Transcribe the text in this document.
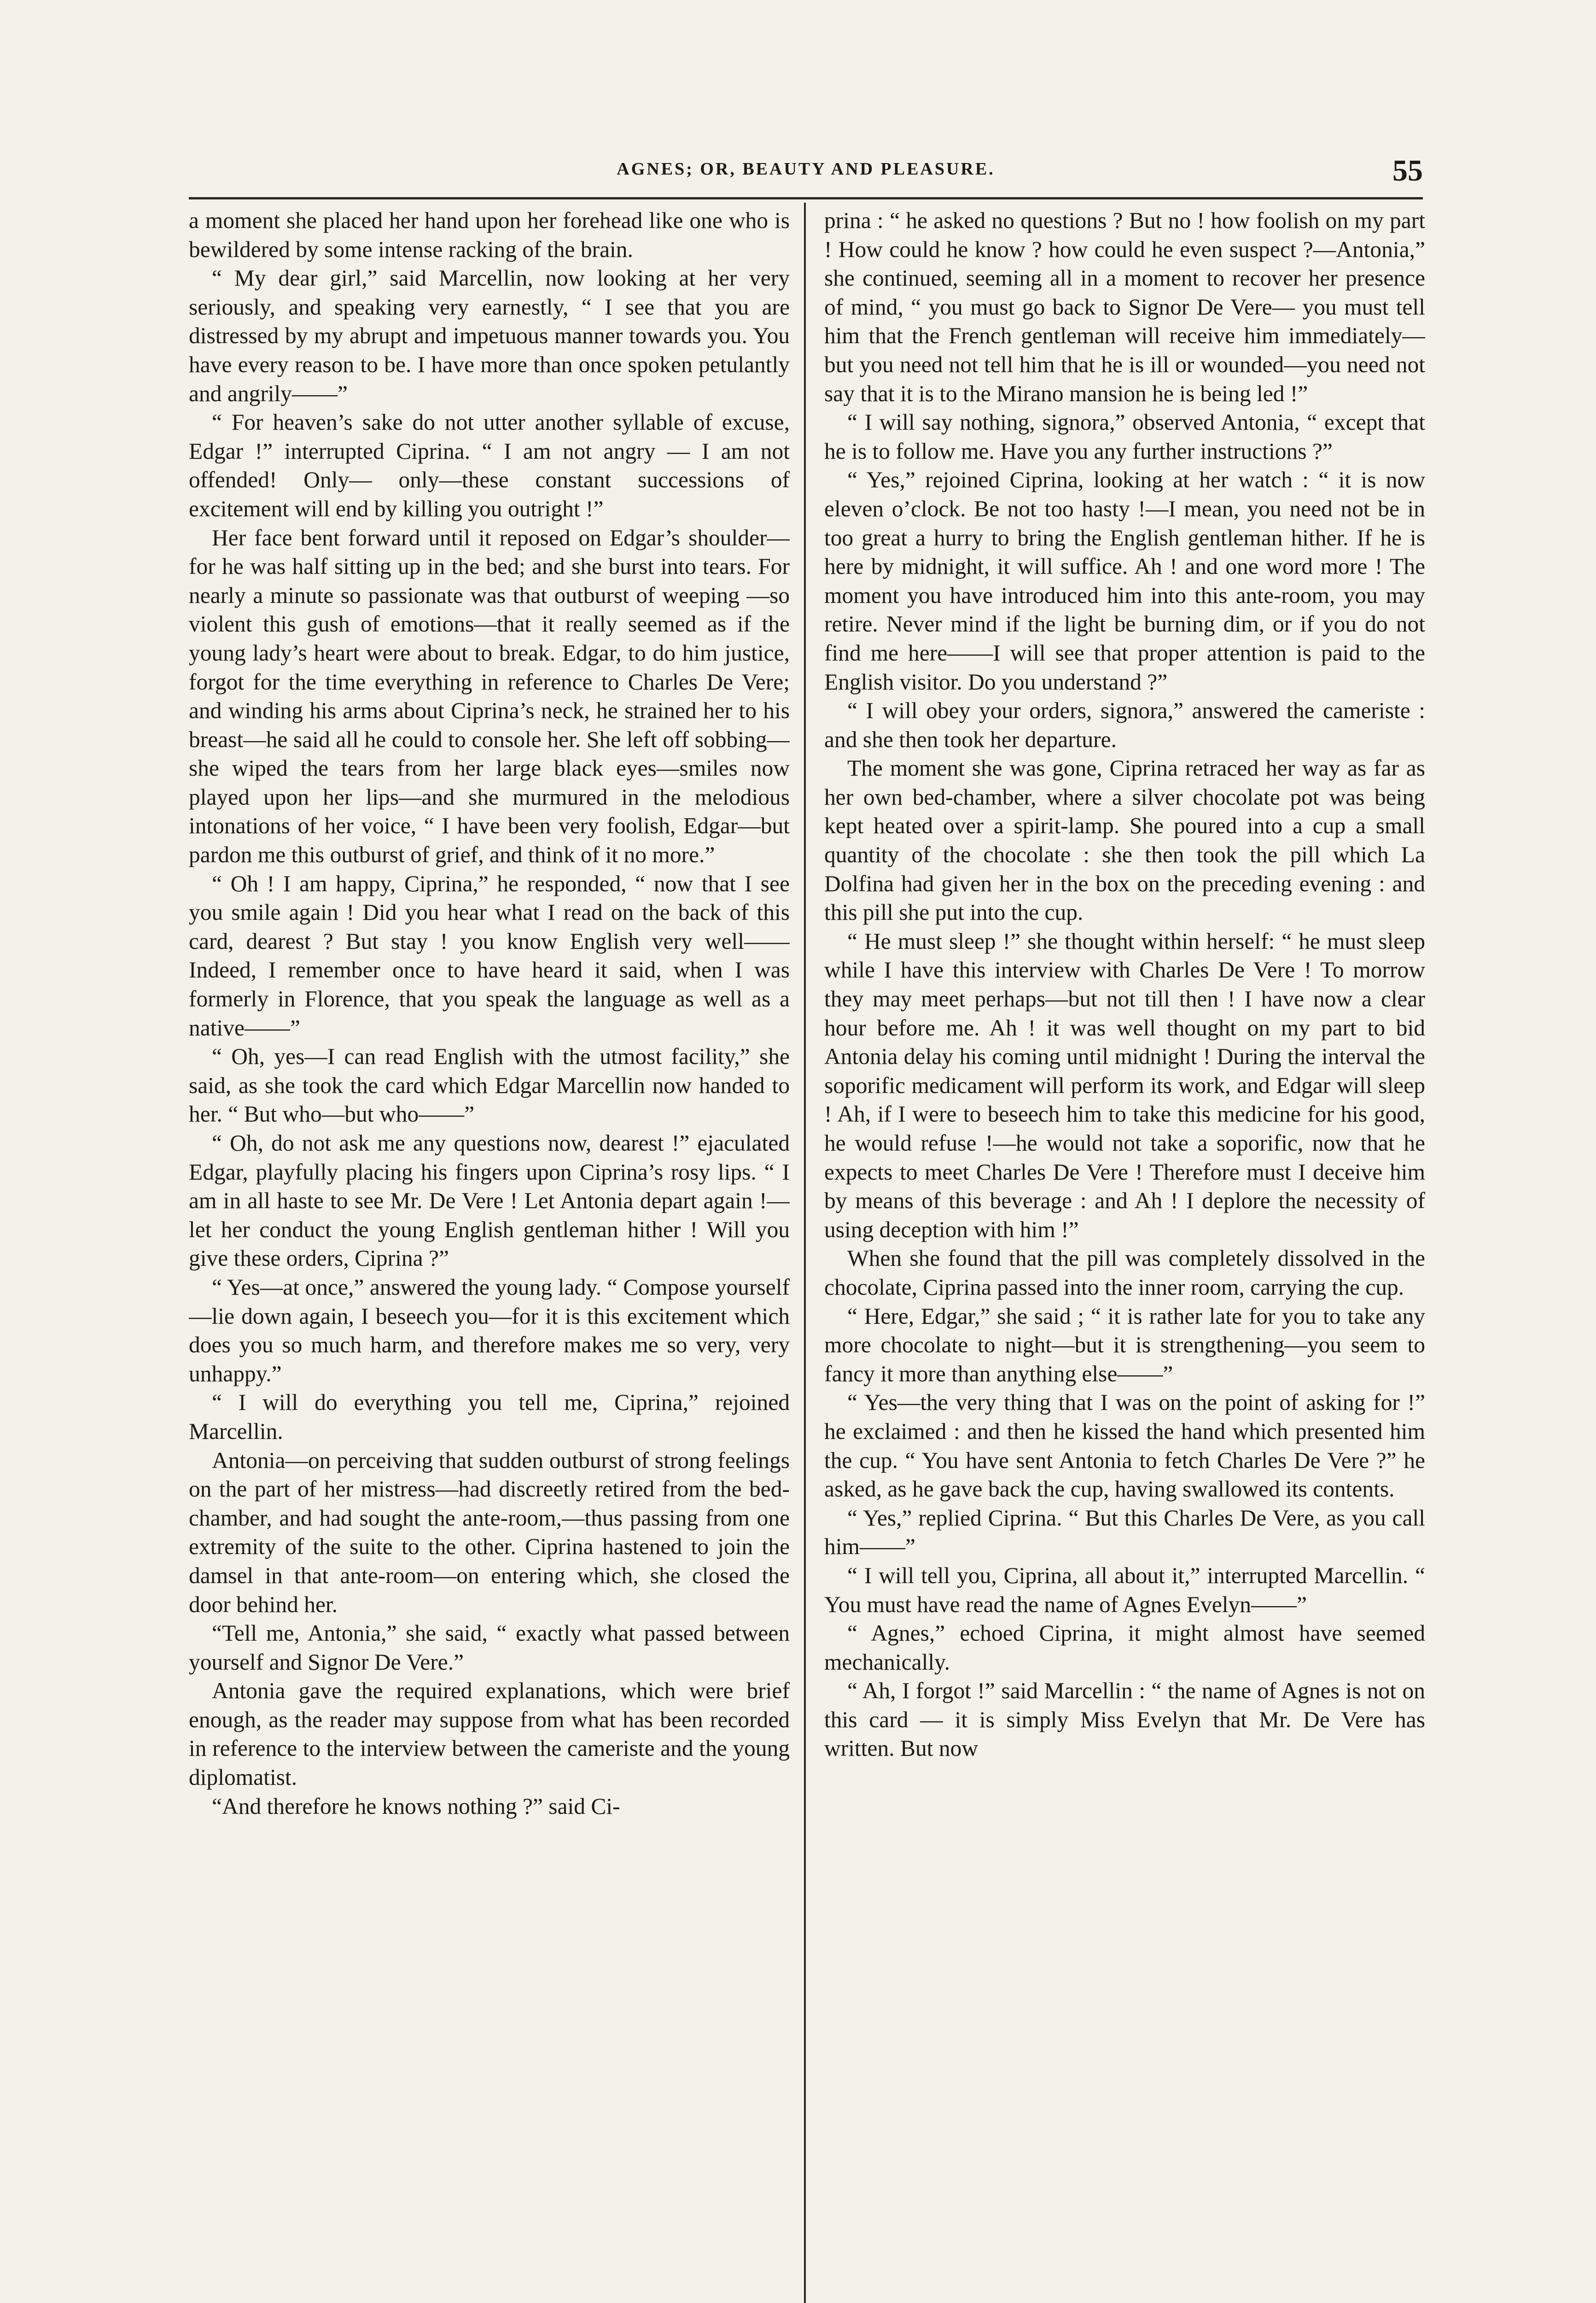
AGNES; OR, BEAUTY AND PLEASURE.	55

a moment she placed her hand upon her forehead like one who is bewildered by some intense racking of the brain.

“ My dear girl,” said Marcellin, now looking at her very seriously, and speaking very earnestly, “ I see that you are distressed by my abrupt and impetuous manner towards you. You have every reason to be. I have more than once spoken petulantly and angrily——”

“ For heaven’s sake do not utter another syllable of excuse, Edgar !” interrupted Ciprina. “ I am not angry — I am not offended! Only— only—these constant successions of excitement will end by killing you outright !”

Her face bent forward until it reposed on Edgar’s shoulder—for he was half sitting up in the bed; and she burst into tears. For nearly a minute so passionate was that outburst of weeping —so violent this gush of emotions—that it really seemed as if the young lady’s heart were about to break. Edgar, to do him justice, forgot for the time everything in reference to Charles De Vere; and winding his arms about Ciprina’s neck, he strained her to his breast—he said all he could to console her. She left off sobbing—she wiped the tears from her large black eyes—smiles now played upon her lips—and she murmured in the melodious intonations of her voice, “ I have been very foolish, Edgar—but pardon me this outburst of grief, and think of it no more.”

“ Oh ! I am happy, Ciprina,” he responded, “ now that I see you smile again ! Did you hear what I read on the back of this card, dearest ? But stay ! you know English very well——Indeed, I remember once to have heard it said, when I was formerly in Florence, that you speak the language as well as a native——”

“ Oh, yes—I can read English with the utmost facility,” she said, as she took the card which Edgar Marcellin now handed to her. “ But who—but who——”

“ Oh, do not ask me any questions now, dearest !” ejaculated Edgar, playfully placing his fingers upon Ciprina’s rosy lips. “ I am in all haste to see Mr. De Vere ! Let Antonia depart again !—let her conduct the young English gentleman hither ! Will you give these orders, Ciprina ?”

“ Yes—at once,” answered the young lady. “ Compose yourself—lie down again, I beseech you—for it is this excitement which does you so much harm, and therefore makes me so very, very unhappy.”

“ I will do everything you tell me, Ciprina,” rejoined Marcellin.

Antonia—on perceiving that sudden outburst of strong feelings on the part of her mistress—had discreetly retired from the bed-chamber, and had sought the ante-room,—thus passing from one extremity of the suite to the other. Ciprina hastened to join the damsel in that ante-room—on entering which, she closed the door behind her.

“Tell me, Antonia,” she said, “ exactly what passed between yourself and Signor De Vere.”

Antonia gave the required explanations, which were brief enough, as the reader may suppose from what has been recorded in reference to the interview between the cameriste and the young diplomatist.

“And therefore he knows nothing ?” said Ci-

prina : “ he asked no questions ? But no ! how foolish on my part ! How could he know ? how could he even suspect ?—Antonia,” she continued, seeming all in a moment to recover her presence of mind, “ you must go back to Signor De Vere— you must tell him that the French gentleman will receive him immediately—but you need not tell him that he is ill or wounded—you need not say that it is to the Mirano mansion he is being led !”

“ I will say nothing, signora,” observed Antonia, “ except that he is to follow me. Have you any further instructions ?”

“ Yes,” rejoined Ciprina, looking at her watch : “ it is now eleven o’clock. Be not too hasty !—I mean, you need not be in too great a hurry to bring the English gentleman hither. If he is here by midnight, it will suffice. Ah ! and one word more ! The moment you have introduced him into this ante-room, you may retire. Never mind if the light be burning dim, or if you do not find me here——I will see that proper attention is paid to the English visitor. Do you understand ?”

“ I will obey your orders, signora,” answered the cameriste : and she then took her departure.

The moment she was gone, Ciprina retraced her way as far as her own bed-chamber, where a silver chocolate pot was being kept heated over a spirit-lamp. She poured into a cup a small quantity of the chocolate : she then took the pill which La Dolfina had given her in the box on the preceding evening : and this pill she put into the cup.

“ He must sleep !” she thought within herself: “ he must sleep while I have this interview with Charles De Vere ! To morrow they may meet perhaps—but not till then ! I have now a clear hour before me. Ah ! it was well thought on my part to bid Antonia delay his coming until midnight ! During the interval the soporific medicament will perform its work, and Edgar will sleep ! Ah, if I were to beseech him to take this medicine for his good, he would refuse !—he would not take a soporific, now that he expects to meet Charles De Vere ! Therefore must I deceive him by means of this beverage : and Ah ! I deplore the necessity of using deception with him !”

When she found that the pill was completely dissolved in the chocolate, Ciprina passed into the inner room, carrying the cup.

“ Here, Edgar,” she said ; “ it is rather late for you to take any more chocolate to night—but it is strengthening—you seem to fancy it more than anything else——”

“ Yes—the very thing that I was on the point of asking for !” he exclaimed : and then he kissed the hand which presented him the cup. “ You have sent Antonia to fetch Charles De Vere ?” he asked, as he gave back the cup, having swallowed its contents.

“ Yes,” replied Ciprina. “ But this Charles De Vere, as you call him——”

“ I will tell you, Ciprina, all about it,” interrupted Marcellin. “ You must have read the name of Agnes Evelyn——”

“ Agnes,” echoed Ciprina, it might almost have seemed mechanically.

“ Ah, I forgot !” said Marcellin : “ the name of Agnes is not on this card — it is simply Miss Evelyn that Mr. De Vere has written. But now
